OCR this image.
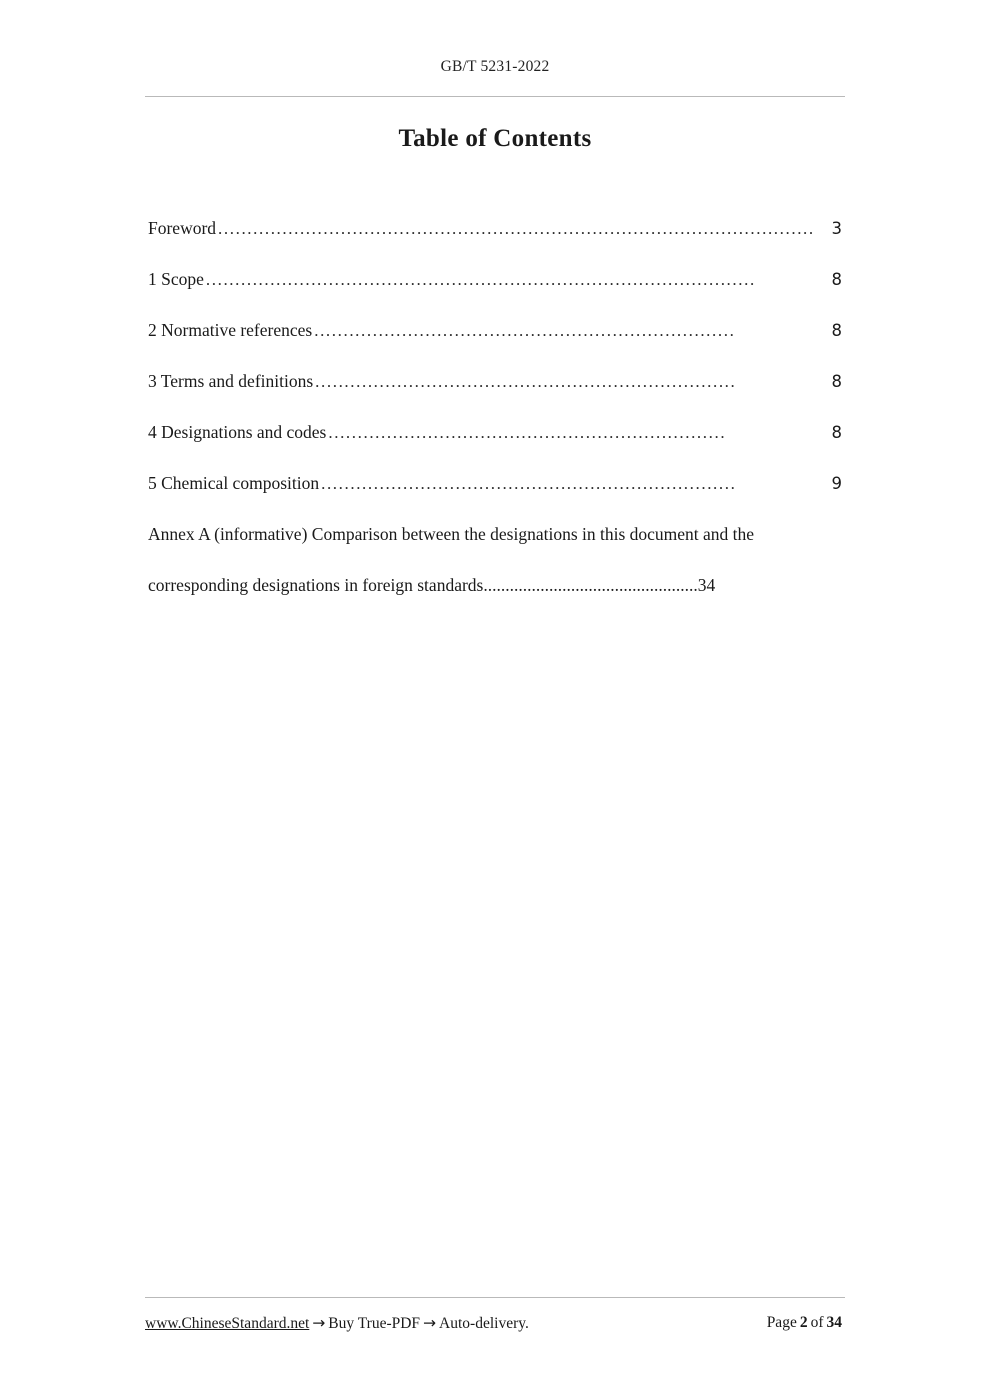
GB/T 5231-2022
Table of Contents
Foreword ......................................................................................................	3
1 Scope ..............................................................................................	8
2 Normative references ........................................................................	8
3 Terms and definitions ........................................................................	8
4 Designations and codes ....................................................................	8
5 Chemical composition .......................................................................	9
Annex A (informative) Comparison between the designations in this document and the
corresponding designations in foreign standards ................................................. 34
www.ChineseStandard.net → Buy True-PDF → Auto-delivery.	Page 2 of 34
